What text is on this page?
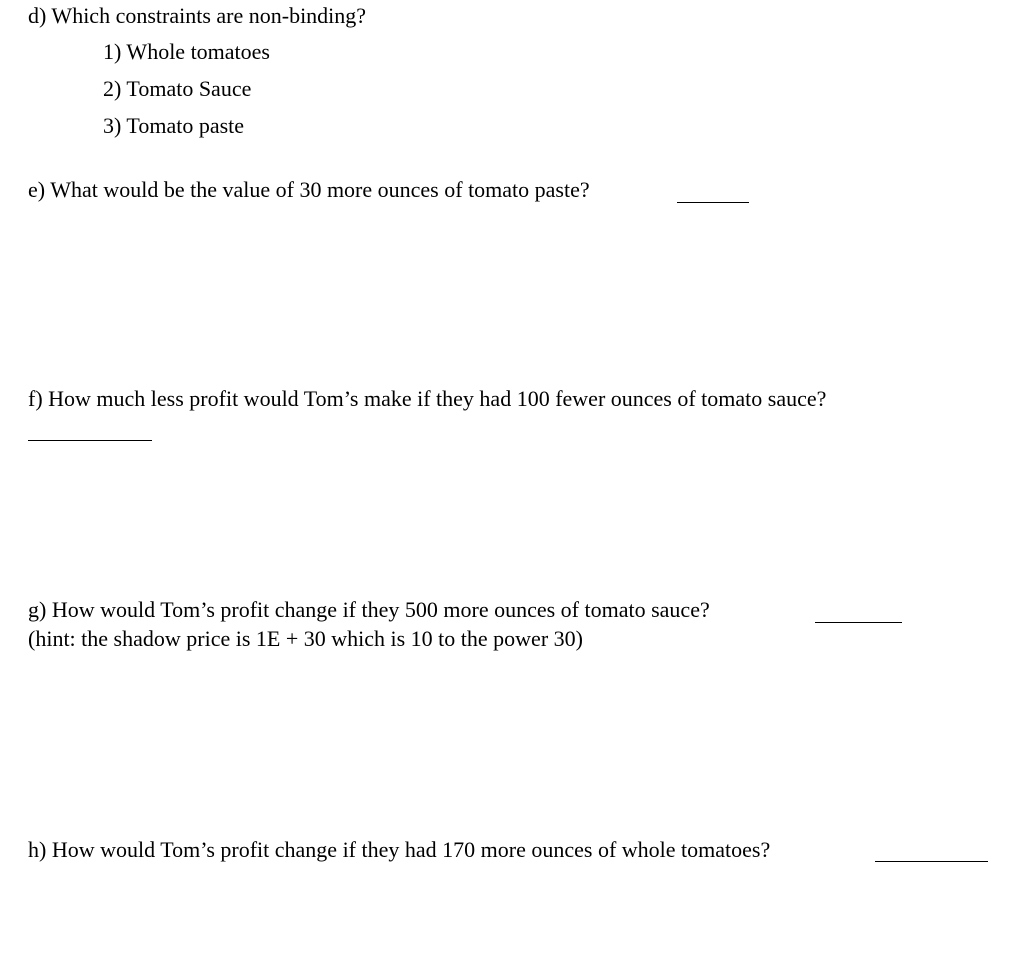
d) Which constraints are non-binding?
1) Whole tomatoes
2) Tomato Sauce
3) Tomato paste
e) What would be the value of 30 more ounces of tomato paste?
f) How much less profit would Tom’s make if they had 100 fewer ounces of tomato sauce?
g) How would Tom’s profit change if they 500 more ounces of tomato sauce?
(hint: the shadow price is 1E + 30 which is 10 to the power 30)
h) How would Tom’s profit change if they had 170 more ounces of whole tomatoes?
